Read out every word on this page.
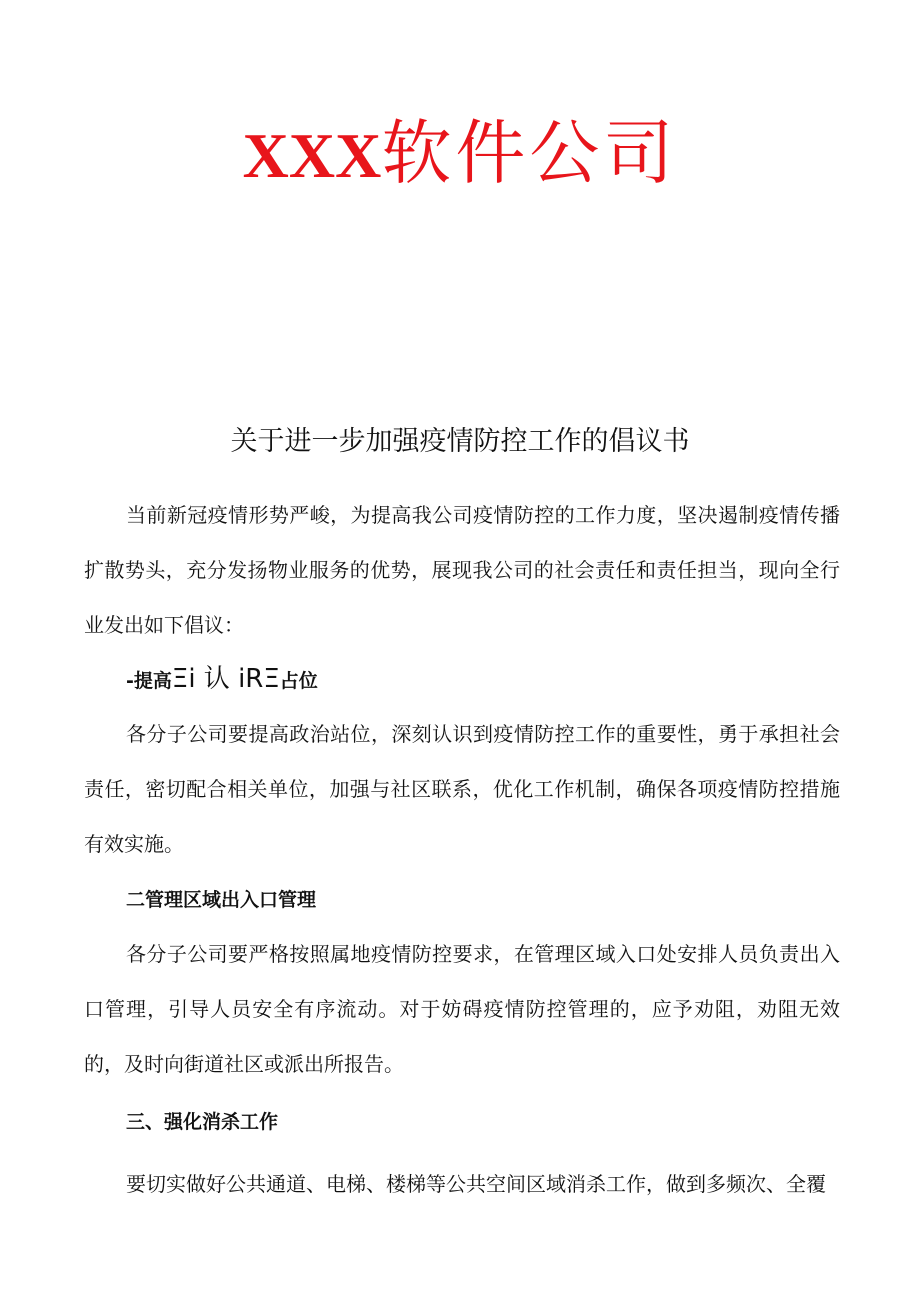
XXX软件公司
关于进一步加强疫情防控工作的倡议书

当前新冠疫情形势严峻，为提高我公司疫情防控的工作力度，坚决遏制疫情传播扩散势头，充分发扬物业服务的优势，展现我公司的社会责任和责任担当，现向全行业发出如下倡议：

-提高Ξi 认 iRΞ占位

各分子公司要提高政治站位，深刻认识到疫情防控工作的重要性，勇于承担社会责任，密切配合相关单位，加强与社区联系，优化工作机制，确保各项疫情防控措施有效实施。

二管理区域出入口管理

各分子公司要严格按照属地疫情防控要求，在管理区域入口处安排人员负责出入口管理，引导人员安全有序流动。对于妨碍疫情防控管理的，应予劝阻，劝阻无效的，及时向街道社区或派出所报告。

三、强化消杀工作

要切实做好公共通道、电梯、楼梯等公共空间区域消杀工作，做到多频次、全覆
